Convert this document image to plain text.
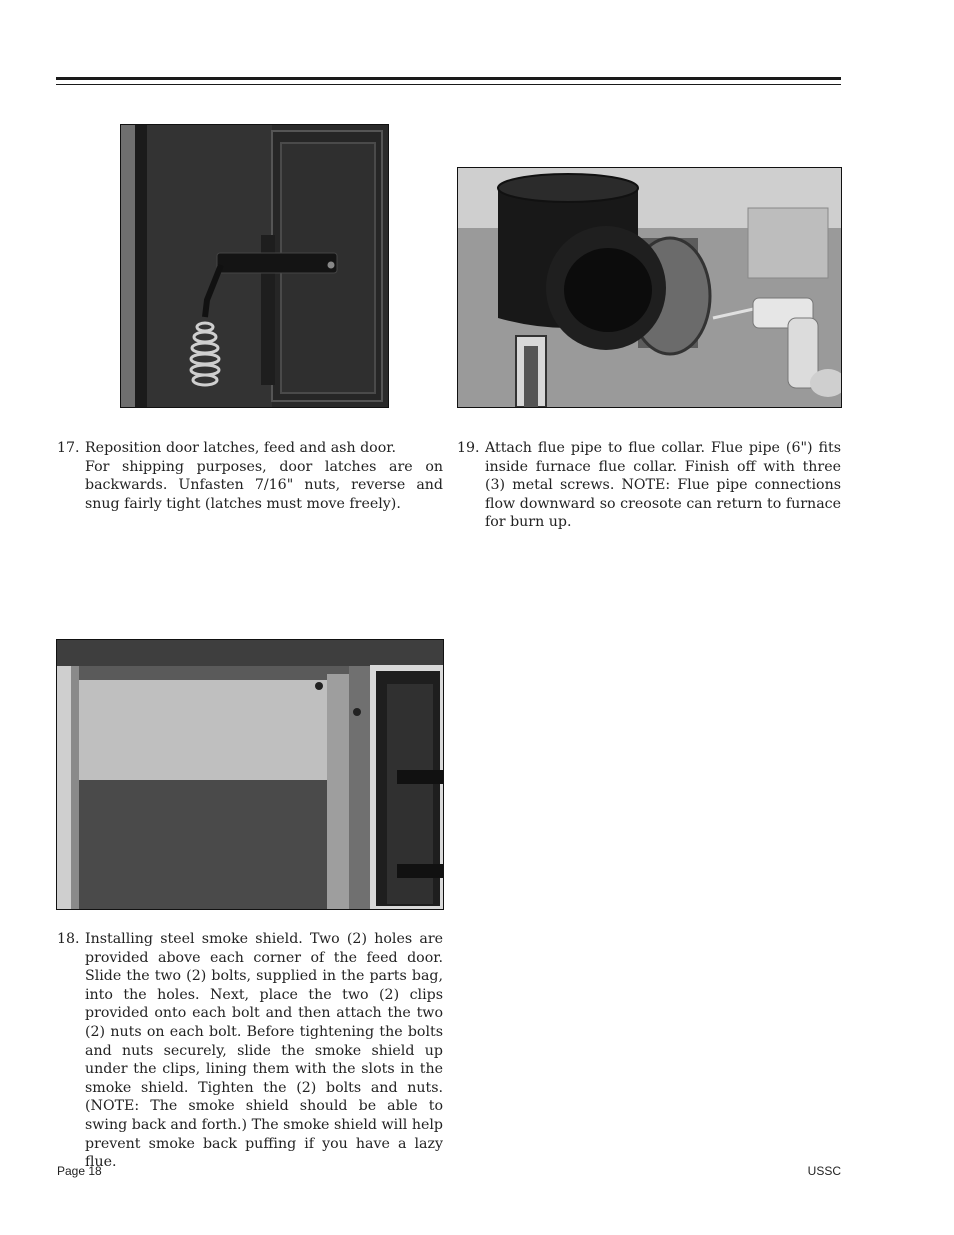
17. Reposition door latches, feed and ash door.

For shipping purposes, door latches are on backwards. Unfasten 7/16" nuts, reverse and snug fairly tight (latches must move freely).

19. Attach flue pipe to flue collar. Flue pipe (6") fits inside furnace flue collar. Finish off with three (3) metal screws. NOTE: Flue pipe connections flow downward so creosote can return to furnace for burn up.

18. Installing steel smoke shield. Two (2) holes are provided above each corner of the feed door. Slide the two (2) bolts, supplied in the parts bag, into the holes. Next, place the two (2) clips provided onto each bolt and then attach the two (2) nuts on each bolt. Before tightening the bolts and nuts securely, slide the smoke shield up under the clips, lining them with the slots in the smoke shield. Tighten the (2) bolts and nuts. (NOTE: The smoke shield should be able to swing back and forth.) The smoke shield will help prevent smoke back puffing if you have a lazy flue.

Page 18	USSC
